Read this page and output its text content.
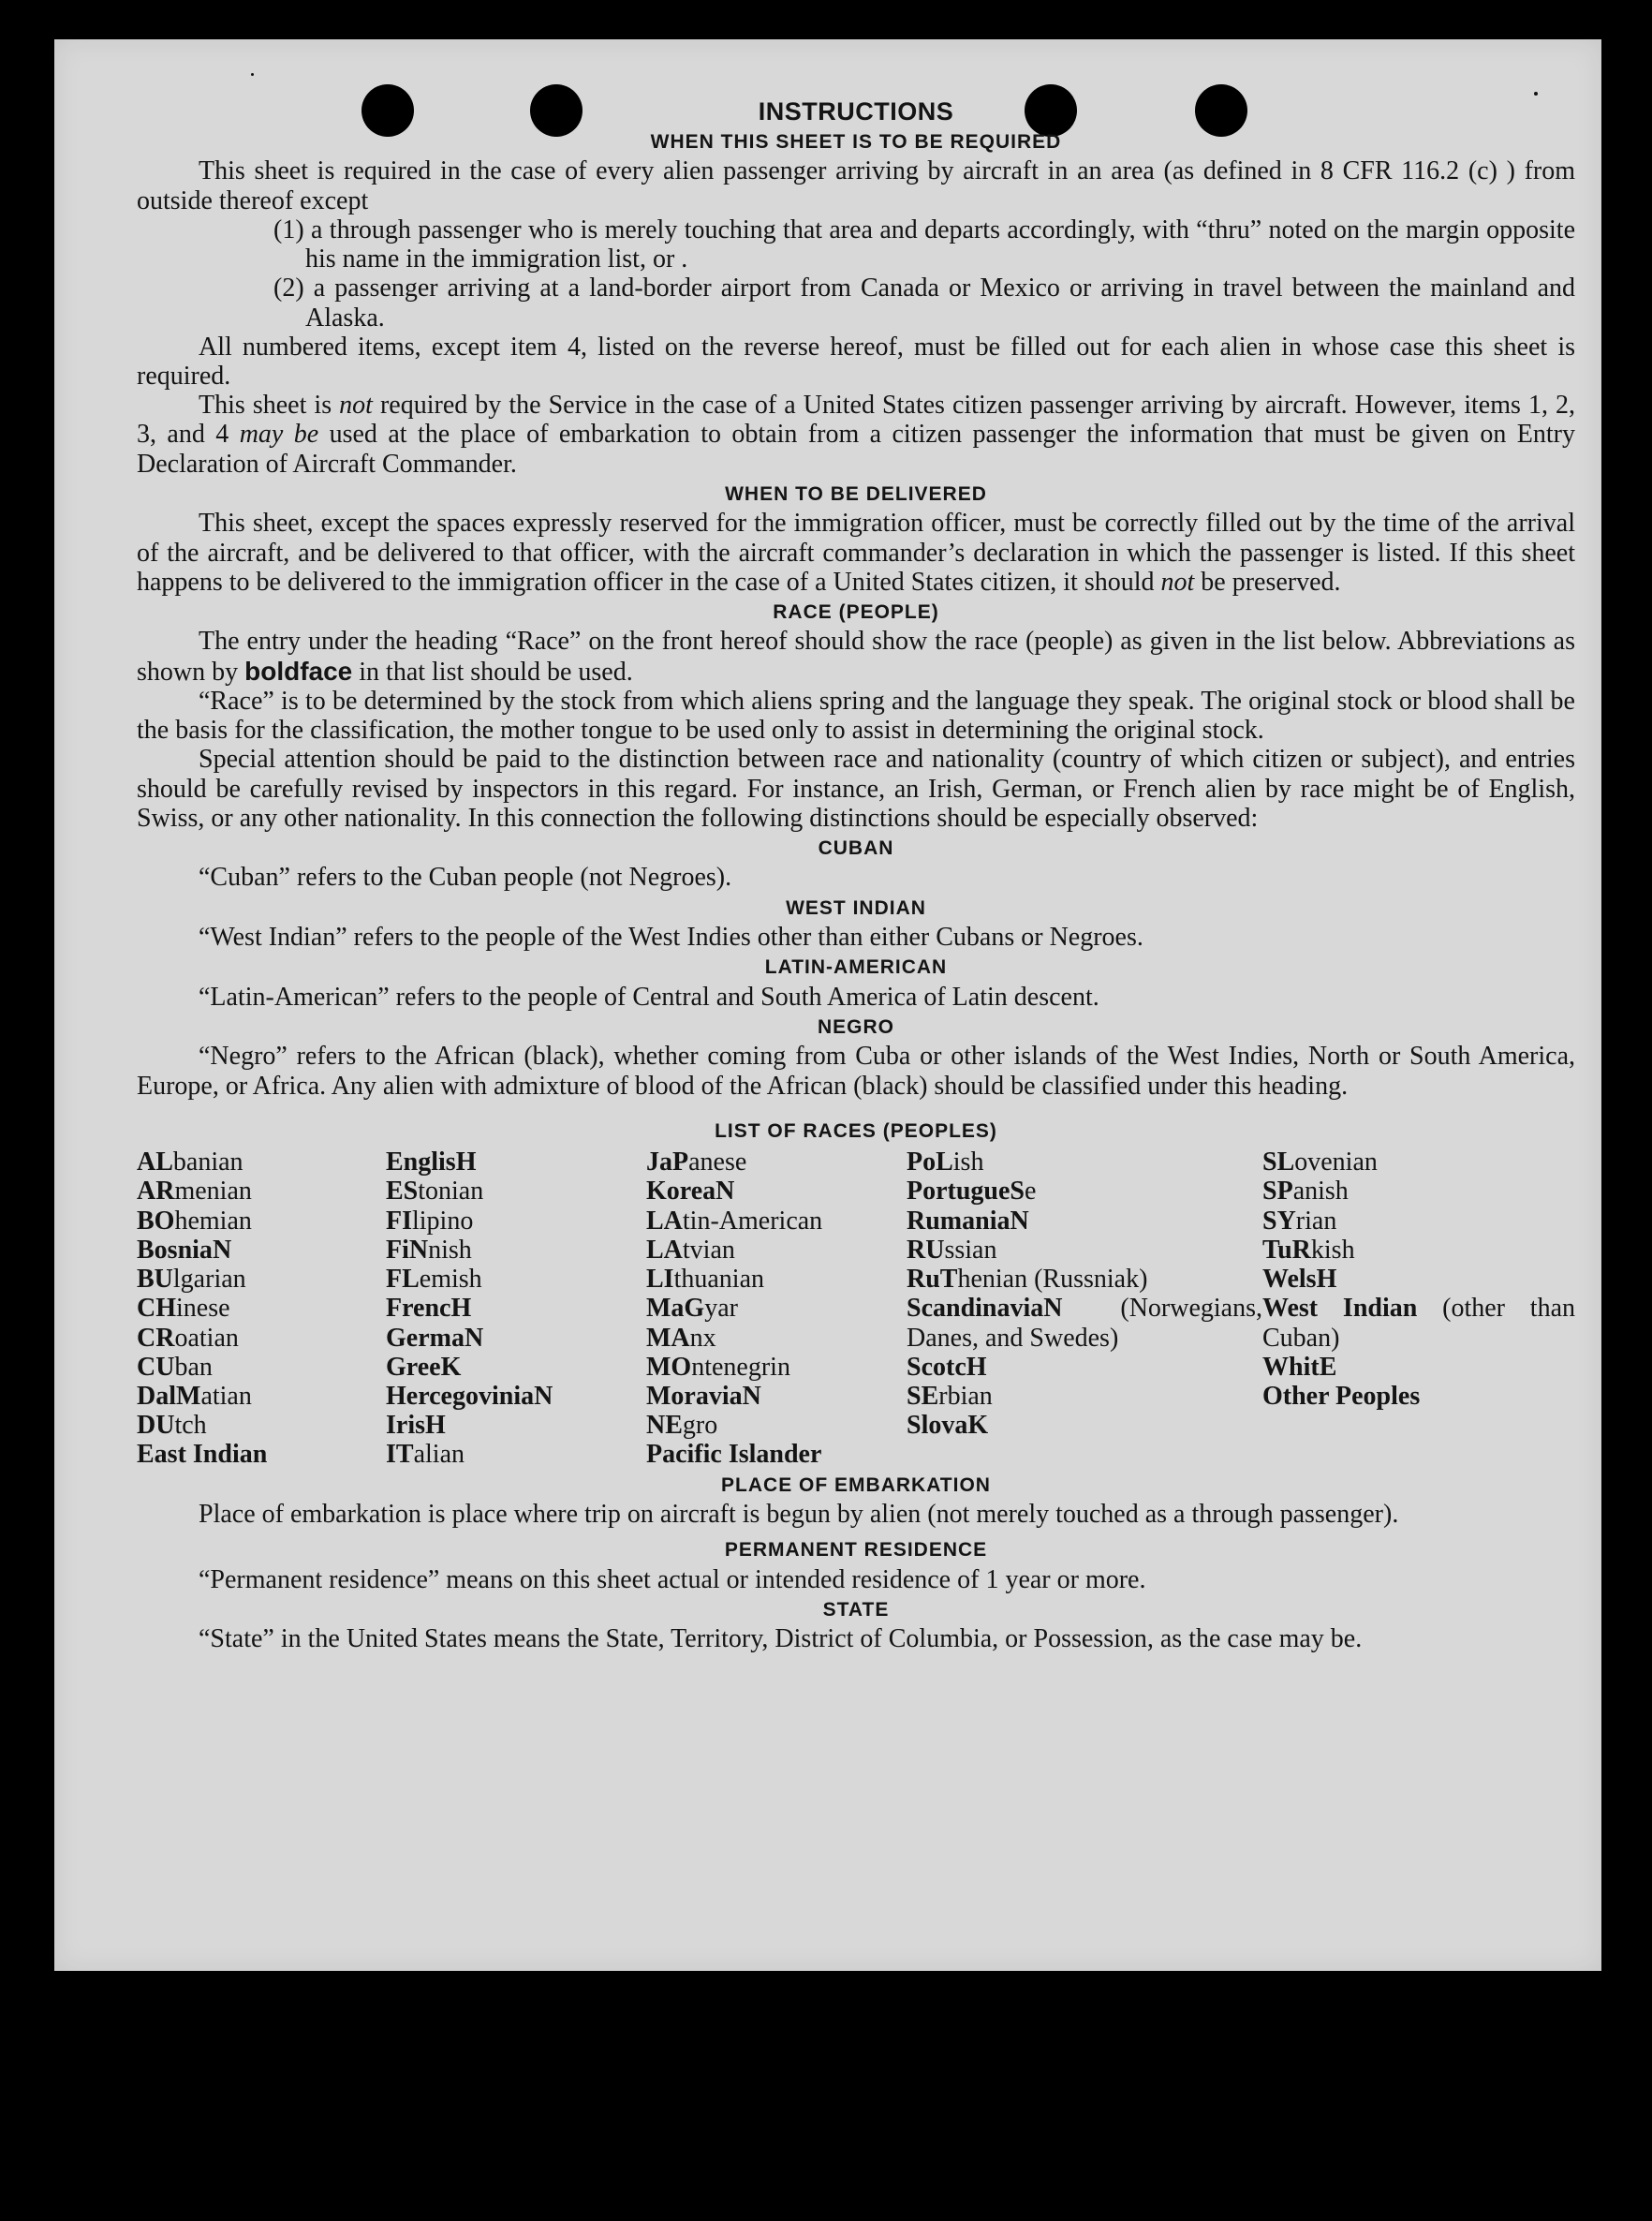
INSTRUCTIONS
WHEN THIS SHEET IS TO BE REQUIRED

This sheet is required in the case of every alien passenger arriving by aircraft in an area (as defined in 8 CFR 116.2 (c) ) from outside thereof except

(1) a through passenger who is merely touching that area and departs accordingly, with “thru” noted on the margin opposite his name in the immigration list, or .

(2) a passenger arriving at a land-border airport from Canada or Mexico or arriving in travel between the mainland and Alaska.

All numbered items, except item 4, listed on the reverse hereof, must be filled out for each alien in whose case this sheet is required.

This sheet is not required by the Service in the case of a United States citizen passenger arriving by aircraft. However, items 1, 2, 3, and 4 may be used at the place of embarkation to obtain from a citizen passenger the information that must be given on Entry Declaration of Aircraft Commander.

WHEN TO BE DELIVERED

This sheet, except the spaces expressly reserved for the immigration officer, must be correctly filled out by the time of the arrival of the aircraft, and be delivered to that officer, with the aircraft commander’s declaration in which the passenger is listed. If this sheet happens to be delivered to the immigration officer in the case of a United States citizen, it should not be preserved.

RACE (PEOPLE)

The entry under the heading “Race” on the front hereof should show the race (people) as given in the list below. Abbreviations as shown by boldface in that list should be used.

“Race” is to be determined by the stock from which aliens spring and the language they speak. The original stock or blood shall be the basis for the classification, the mother tongue to be used only to assist in determining the original stock.

Special attention should be paid to the distinction between race and nationality (country of which citizen or subject), and entries should be carefully revised by inspectors in this regard. For instance, an Irish, German, or French alien by race might be of English, Swiss, or any other nationality. In this connection the following distinctions should be especially observed:

CUBAN

“Cuban” refers to the Cuban people (not Negroes).

WEST INDIAN

“West Indian” refers to the people of the West Indies other than either Cubans or Negroes.

LATIN-AMERICAN

“Latin-American” refers to the people of Central and South America of Latin descent.

NEGRO

“Negro” refers to the African (black), whether coming from Cuba or other islands of the West Indies, North or South America, Europe, or Africa. Any alien with admixture of blood of the African (black) should be classified under this heading.

LIST OF RACES (PEOPLES)
ALbanian
ARmenian
BOhemian
BosniaN
BUlgarian
CHinese
CRoatian
CUban
DalMatian
DUtch
East Indian
EnglisH
EStonian
FIlipino
FiNnish
FLemish
FrencH
GermaN
GreeK
HercegoviniaN
IrisH
ITalian
JaPanese
KoreaN
LAtin-American
LAtvian
LIthuanian
MaGyar
MAnx
MOntenegrin
MoraviaN
NEgro
Pacific Islander
PoLish
PortugueSe
RumaniaN
RUssian
RuThenian (Russniak)
ScandinaviaN (Norwegians, Danes, and Swedes)
ScotcH
SErbian
SlovaK
SLovenian
SPanish
SYrian
TuRkish
WelsH
West Indian (other than Cuban)
WhitE
Other Peoples
PLACE OF EMBARKATION

Place of embarkation is place where trip on aircraft is begun by alien (not merely touched as a through passenger).

PERMANENT RESIDENCE

“Permanent residence” means on this sheet actual or intended residence of 1 year or more.

STATE

“State” in the United States means the State, Territory, District of Columbia, or Possession, as the case may be.
